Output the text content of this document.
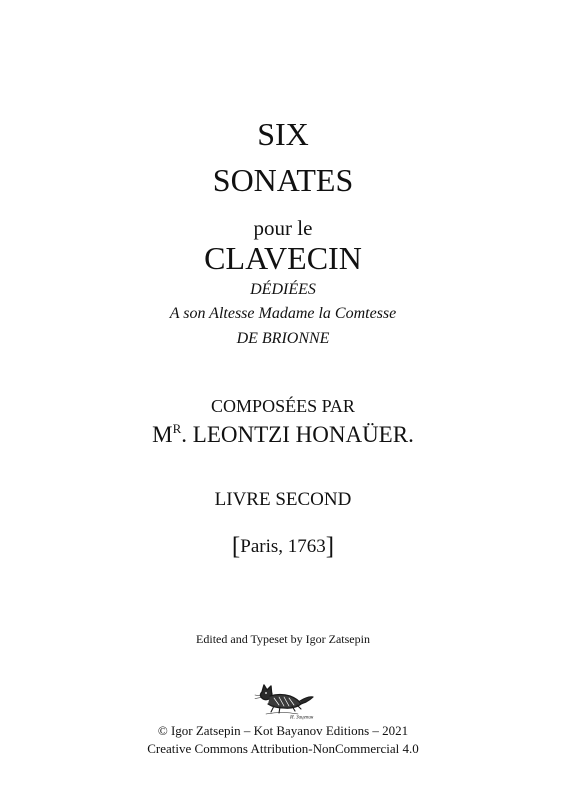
SIX
SONATES
pour le
CLAVECIN
DÉDIÉES
A son Altesse Madame la Comtesse
DE BRIONNE
COMPOSÉES PAR
$M^R$. LEONTZI HONAÜER.
LIVRE SECOND
[Paris, 1763]
Edited and Typeset by Igor Zatsepin
И. Зацепин
© Igor Zatsepin – Kot Bayanov Editions – 2021
Creative Commons Attribution-NonCommercial 4.0
